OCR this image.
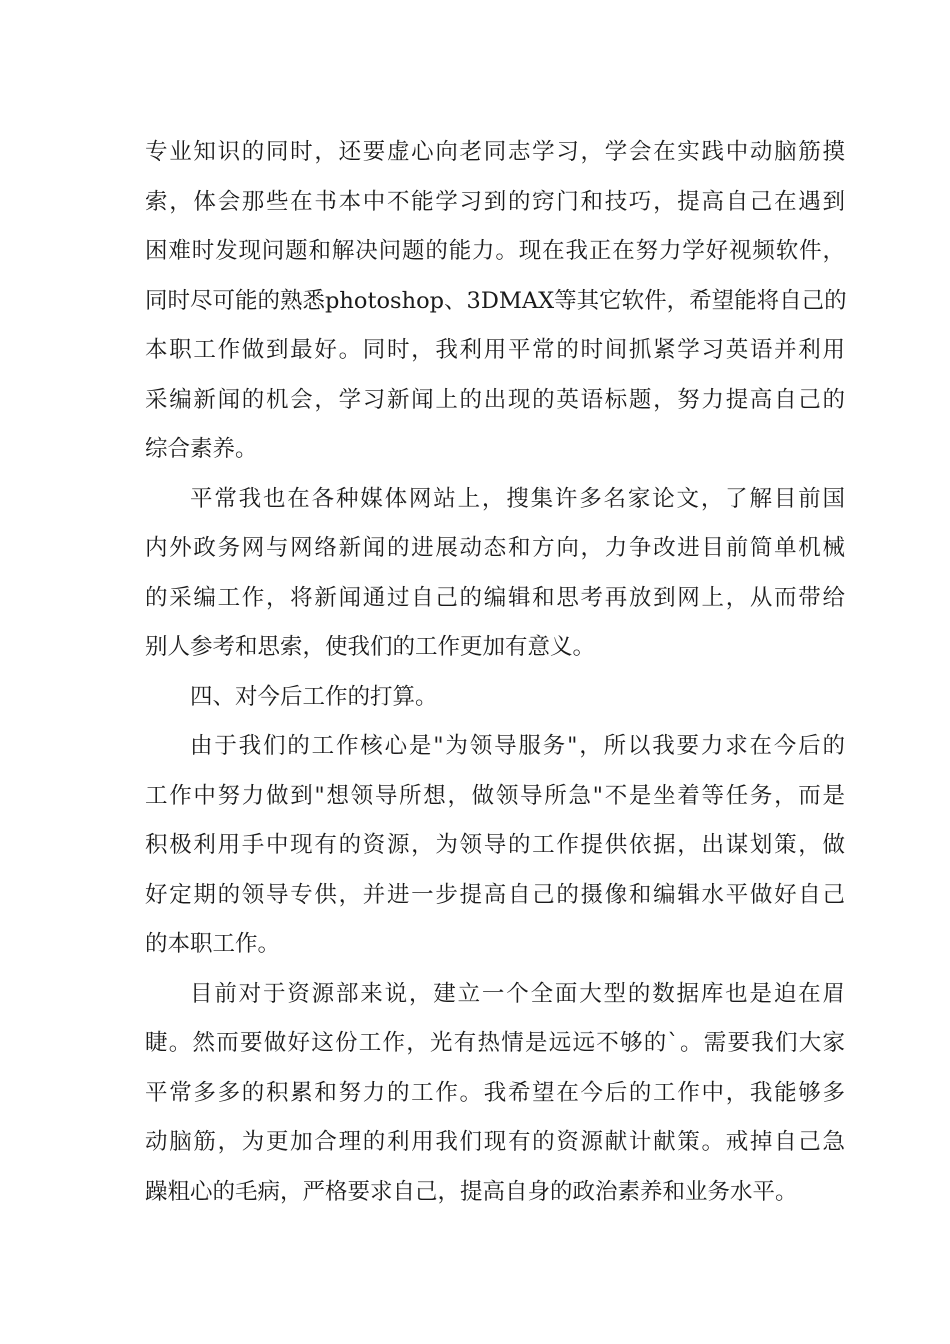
专业知识的同时，还要虚心向老同志学习，学会在实践中动脑筋摸
索，体会那些在书本中不能学习到的窍门和技巧，提高自己在遇到
困难时发现问题和解决问题的能力。现在我正在努力学好视频软件，
同时尽可能的熟悉photoshop、3DMAX等其它软件，希望能将自己的
本职工作做到最好。同时，我利用平常的时间抓紧学习英语并利用
采编新闻的机会，学习新闻上的出现的英语标题，努力提高自己的
综合素养。
平常我也在各种媒体网站上，搜集许多名家论文，了解目前国
内外政务网与网络新闻的进展动态和方向，力争改进目前简单机械
的采编工作，将新闻通过自己的编辑和思考再放到网上，从而带给
别人参考和思索，使我们的工作更加有意义。
四、对今后工作的打算。
由于我们的工作核心是"为领导服务"，所以我要力求在今后的
工作中努力做到"想领导所想，做领导所急"不是坐着等任务，而是
积极利用手中现有的资源，为领导的工作提供依据，出谋划策，做
好定期的领导专供，并进一步提高自己的摄像和编辑水平做好自己
的本职工作。
目前对于资源部来说，建立一个全面大型的数据库也是迫在眉
睫。然而要做好这份工作，光有热情是远远不够的`。需要我们大家
平常多多的积累和努力的工作。我希望在今后的工作中，我能够多
动脑筋，为更加合理的利用我们现有的资源献计献策。戒掉自己急
躁粗心的毛病，严格要求自己，提高自身的政治素养和业务水平。
